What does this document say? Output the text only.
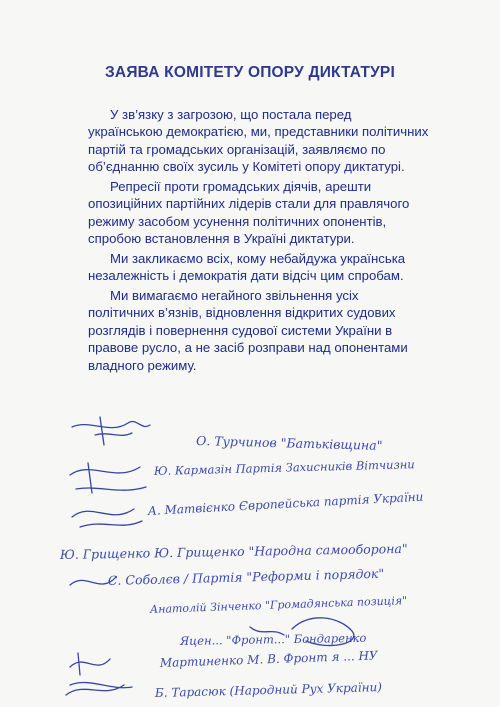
ЗАЯВА КОМІТЕТУ ОПОРУ ДИКТАТУРІ

У зв’язку з загрозою, що постала перед
українською демократією, ми, представники політичних
партій та громадських організацій, заявляємо по
об’єднанню своїх зусиль у Комітеті опору диктатурі.

Репресії проти громадських діячів, арешти
опозиційних партійних лідерів стали для правлячого
режиму засобом усунення політичних опонентів,
спробою встановлення в Україні диктатури.

Ми закликаємо всіх, кому небайдужа українська
незалежність і демократія дати відсіч цим спробам.

Ми вимагаємо негайного звільнення усіх
політичних в’язнів, відновлення відкритих судових
розглядів і повернення судової системи України в
правове русло, а не засіб розправи над опонентами
владного режиму.

О. Турчинов "Батьківщина"
Ю. Кармазін Партія Захисників Вітчизни
А. Матвієнко Європейська партія України
Ю. Грищенко Ю. Грищенко "Народна самооборона"
С. Соболєв / Партія "Реформи і порядок"
Анатолій Зінченко "Громадянська позиція"
Яцен... "Фронт..." Бондаренко
Мартиненко М. В. Фронт я ... НУ
Б. Тарасюк (Народний Рух України)
